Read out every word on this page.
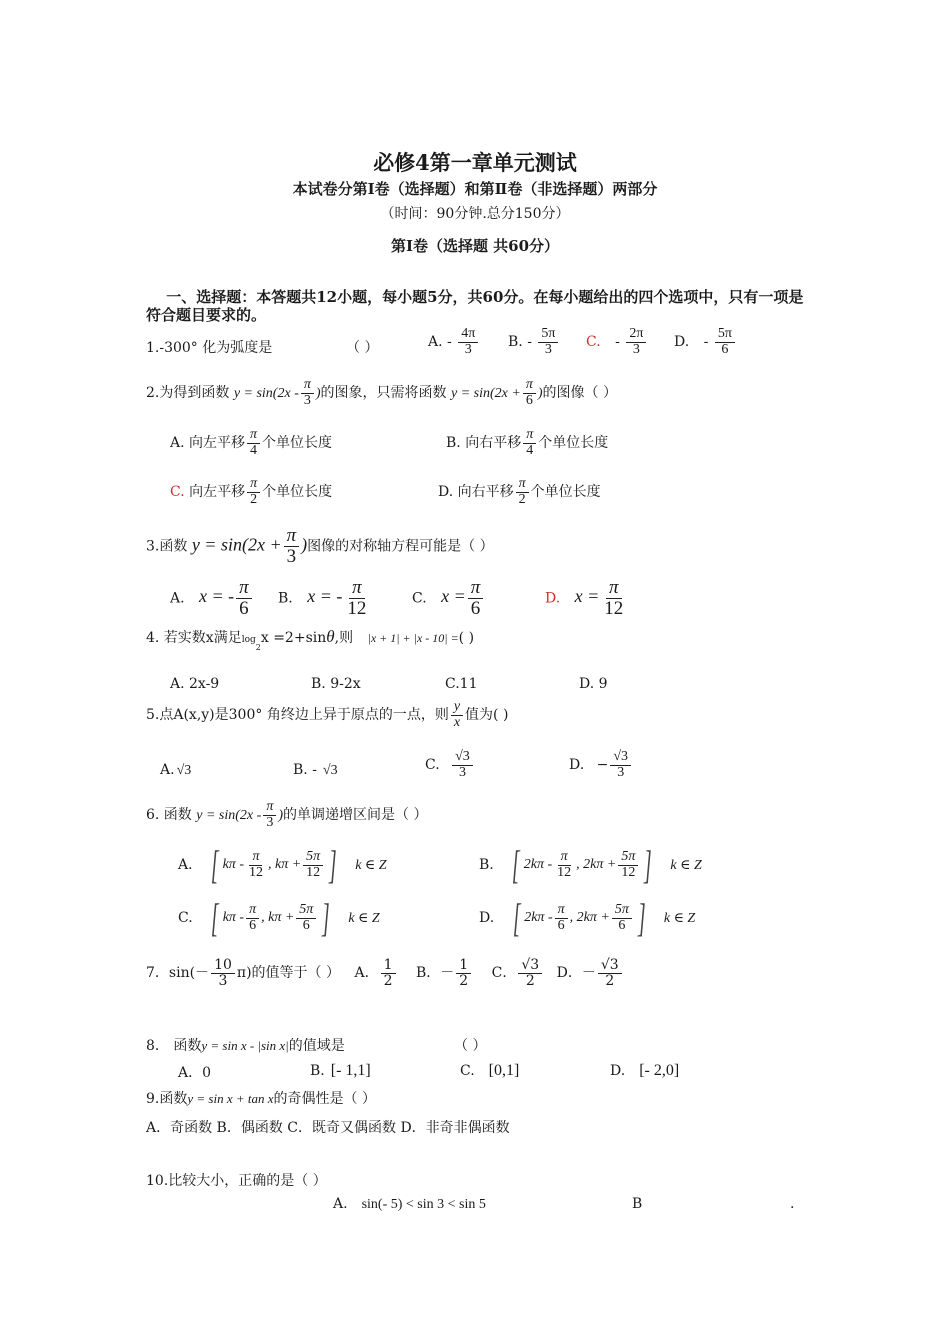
必修4第一章单元测试
本试卷分第Ⅰ卷（选择题）和第Ⅱ卷（非选择题）两部分
（时间：90分钟.总分150分）
第Ⅰ卷（选择题 共60分）
  一、选择题：本答题共12小题，每小题5分，共60分。在每小题给出的四个选项中，只有一项是符合题目要求的。
1.-300° 化为弧度是	（ ）	A. - $\frac{4\pi}{3} B$. - $\frac{5\pi}{3} C$. - $\frac{2\pi}{3} D$. - $\frac{5\pi}{6}$
2.为得到函数 $y = \sin(2x - \frac{\pi}{3}$ )的图象，只需将函数 $y = \sin(2x + \frac{\pi}{6}$ )的图像（ ）
A. 向左平移 $\frac{\pi}{4}$ 个单位长度	B. 向右平移 $\frac{\pi}{4}$ 个单位长度
C. 向左平移 $\frac{\pi}{2}$ 个单位长度	D. 向右平移 $\frac{\pi}{2}$ 个单位长度
3.函数 $y = \sin(2x + \frac{\pi}{3}$ )图像的对称轴方程可能是（ ）
A. x = - $\frac{\pi}{6} B$. x = - $\frac{\pi}{12}$	C. $x = \frac{\pi}{6}$	D. $x = \frac{\pi}{12}$
4. 若实数x满足$\log_2x =2+\sin\theta$,则 |x + 1| + |x - 10| =( )
A. 2x-9	B. 9-2x	C.11	D. 9
5.点A(x,y)是300° 角终边上异于原点的一点，则 $\frac{y}{x}$ 值为( )
A. √3	B. - √3	C. $\frac{√3}{3}$	D. − $\frac{√3}{3}$
6. 函数 $y = \sin(2x - \frac{\pi}{3}$ )的单调递增区间是（ ）
A. [ kπ - $\frac{\pi}{12}$ , $k\pi + \frac{5\pi}{12}$ ] k ∈ Z	B. [ $2k\pi - \frac{\pi}{12}$ , $2k\pi + \frac{5\pi}{12}$ ] k ∈ Z
C. [ kπ - $\frac{\pi}{6}$ , $k\pi + \frac{5\pi}{6}$ ] k ∈ Z	D. [ $2k\pi - \frac{\pi}{6}$ , $2k\pi + \frac{5\pi}{6}$ ] k ∈ Z
7．$\sin(- \frac{10}{3} \pi)$的值等于（ ） A． $\frac{1}{2}$ B．－ $\frac{1}{2}$ C． $\frac{√3}{2}$ D．－ $\frac{√3}{2}$
8． 函数y = sin x - |sin x|的值域是	（ ）
A．0	B. [- 1,1]	C. [0,1]	D. [- 2,0]
9.函数y = sin x + tan x的奇偶性是（ ）
A．奇函数 B．偶函数 C．既奇又偶函数 D．非奇非偶函数
10.比较大小，正确的是（ ）
A. sin(- 5) < sin 3 < sin 5	B	.
